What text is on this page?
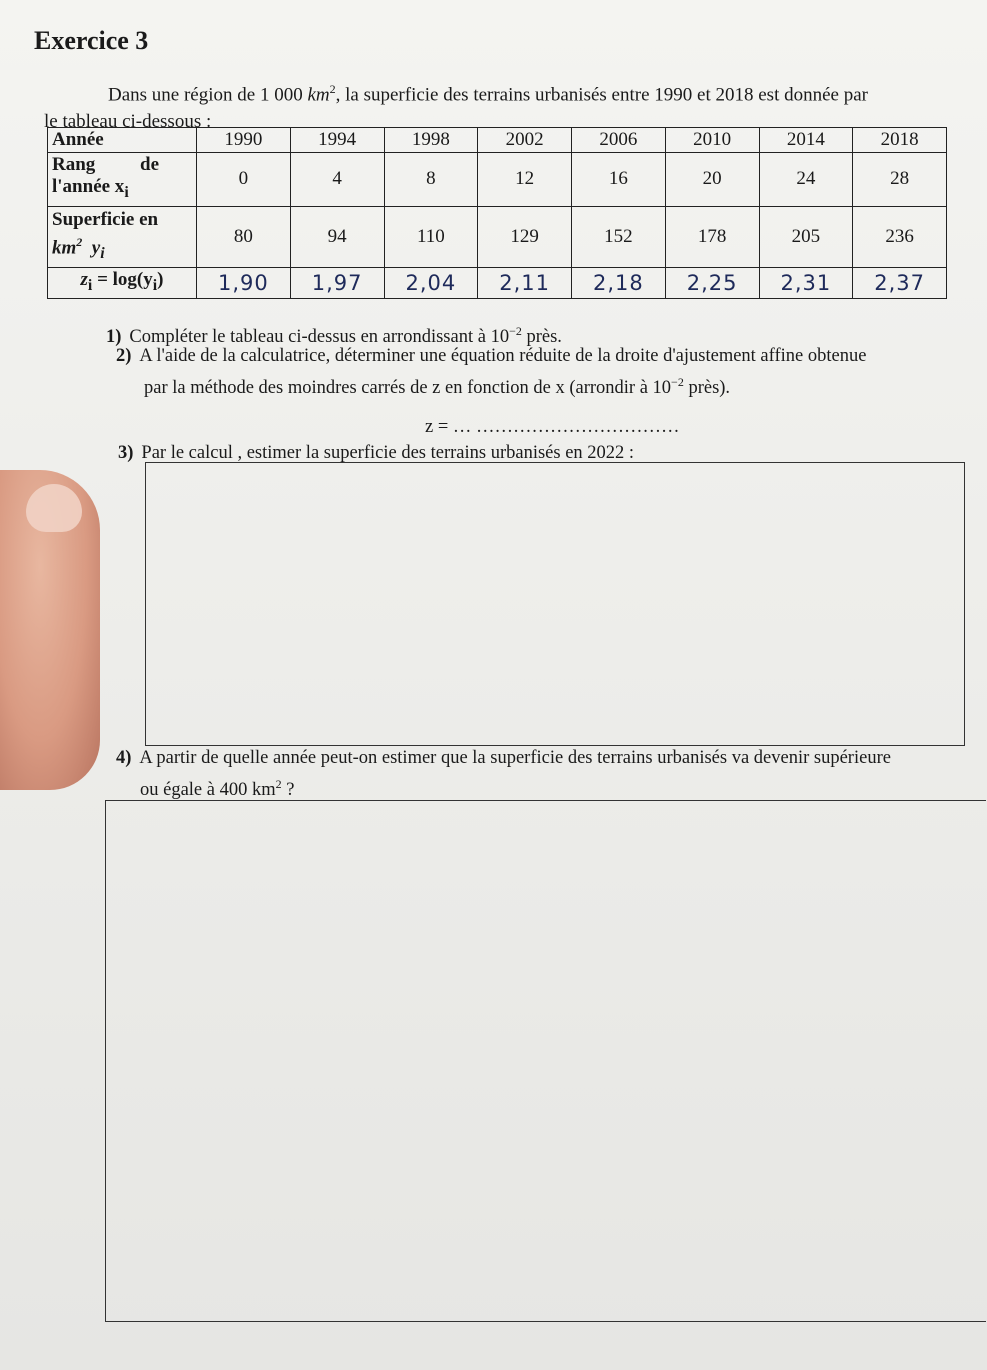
Exercice 3
Dans une région de 1 000 $km^2$, la superficie des terrains urbanisés entre 1990 et 2018 est donnée par
le tableau ci-dessous :
Année	1990	1994	1998	2002	2006	2010	2014	2018

Rang de
l'année $x_i$	0	4	8	12	16	20	24	28

Superficie en
$km^2$ $y_i$	80	94	110	129	152	178	205	236
$z_i = \log(y_i)$	1,90	1,97	2,04	2,11	2,18	2,25	2,31	2,37
1) Compléter le tableau ci-dessus en arrondissant à $10^{-2}$ près.
2) A l'aide de la calculatrice, déterminer une équation réduite de la droite d'ajustement affine obtenue
par la méthode des moindres carrés de z en fonction de x (arrondir à $10^{-2}$ près).
z = … ……………………………
3) Par le calcul , estimer la superficie des terrains urbanisés en 2022 :
4) A partir de quelle année peut-on estimer que la superficie des terrains urbanisés va devenir supérieure
ou égale à 400 $km^2$ ?
